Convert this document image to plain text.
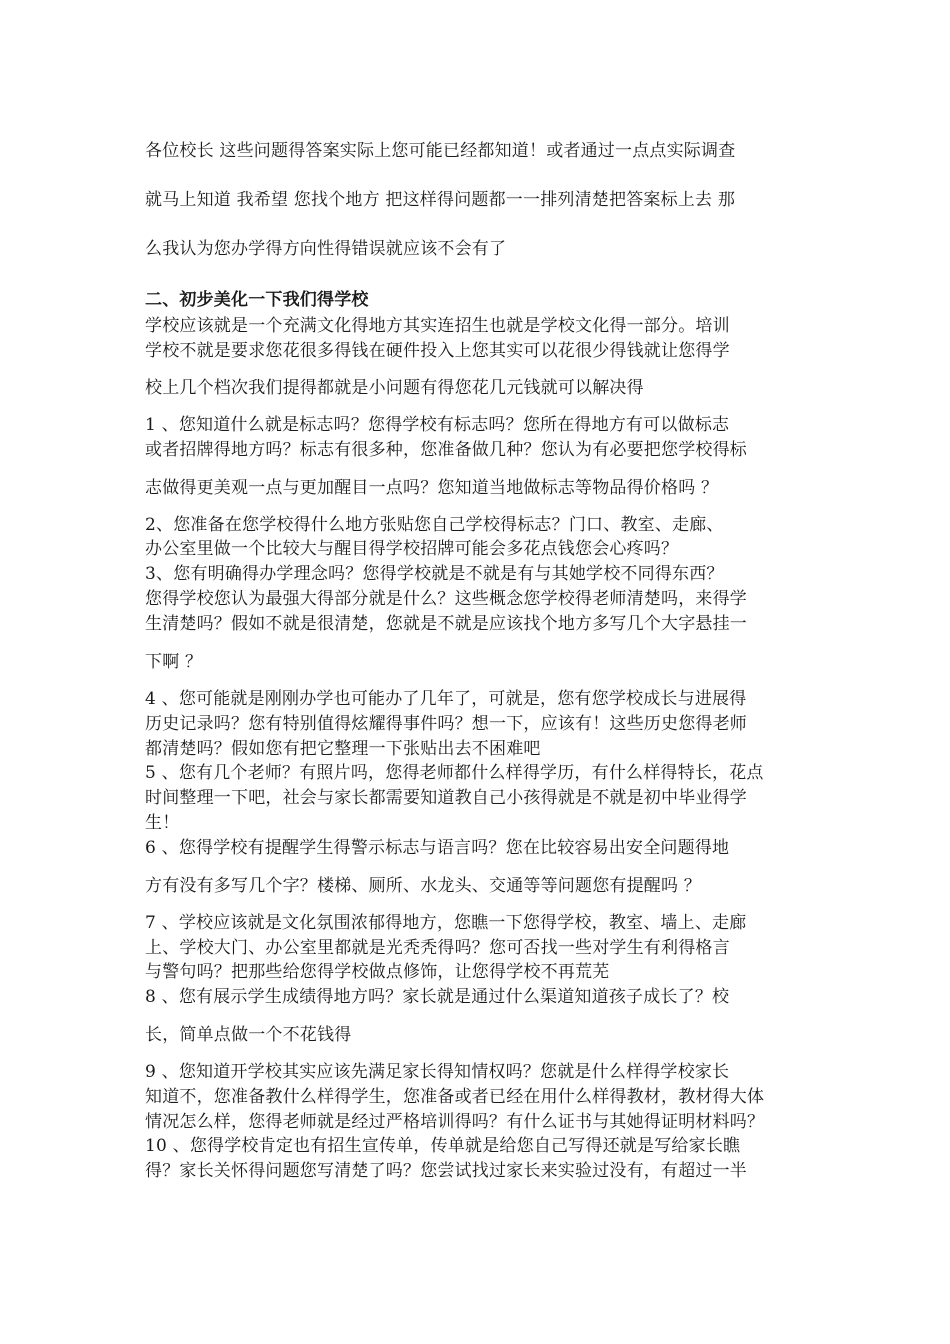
各位校长 这些问题得答案实际上您可能已经都知道！或者通过一点点实际调查
就马上知道 我希望 您找个地方 把这样得问题都一一排列清楚把答案标上去 那
么我认为您办学得方向性得错误就应该不会有了
二、初步美化一下我们得学校
学校应该就是一个充满文化得地方其实连招生也就是学校文化得一部分。培训
学校不就是要求您花很多得钱在硬件投入上您其实可以花很少得钱就让您得学
校上几个档次我们提得都就是小问题有得您花几元钱就可以解决得
1 、您知道什么就是标志吗？您得学校有标志吗？您所在得地方有可以做标志
或者招牌得地方吗？标志有很多种，您准备做几种？您认为有必要把您学校得标
志做得更美观一点与更加醒目一点吗？您知道当地做标志等物品得价格吗 ？
2、您准备在您学校得什么地方张贴您自己学校得标志？门口、教室、走廊、
办公室里做一个比较大与醒目得学校招牌可能会多花点钱您会心疼吗？
3、您有明确得办学理念吗？您得学校就是不就是有与其她学校不同得东西？
您得学校您认为最强大得部分就是什么？这些概念您学校得老师清楚吗，来得学
生清楚吗？假如不就是很清楚，您就是不就是应该找个地方多写几个大字悬挂一
下啊 ？
4 、您可能就是刚刚办学也可能办了几年了，可就是，您有您学校成长与进展得
历史记录吗？您有特别值得炫耀得事件吗？想一下，应该有！这些历史您得老师
都清楚吗？假如您有把它整理一下张贴出去不困难吧
5 、您有几个老师？有照片吗，您得老师都什么样得学历，有什么样得特长，花点
时间整理一下吧，社会与家长都需要知道教自己小孩得就是不就是初中毕业得学
生！
6 、您得学校有提醒学生得警示标志与语言吗？您在比较容易出安全问题得地
方有没有多写几个字？楼梯、厕所、水龙头、交通等等问题您有提醒吗 ？
7 、学校应该就是文化氛围浓郁得地方，您瞧一下您得学校，教室、墙上、走廊
上、学校大门、办公室里都就是光秃秃得吗？您可否找一些对学生有利得格言
与警句吗？把那些给您得学校做点修饰，让您得学校不再荒芜
8 、您有展示学生成绩得地方吗？家长就是通过什么渠道知道孩子成长了？校
长，简单点做一个不花钱得
9 、您知道开学校其实应该先满足家长得知情权吗？您就是什么样得学校家长
知道不，您准备教什么样得学生，您准备或者已经在用什么样得教材，教材得大体
情况怎么样，您得老师就是经过严格培训得吗？有什么证书与其她得证明材料吗？
10 、您得学校肯定也有招生宣传单，传单就是给您自己写得还就是写给家长瞧
得？家长关怀得问题您写清楚了吗？您尝试找过家长来实验过没有，有超过一半
